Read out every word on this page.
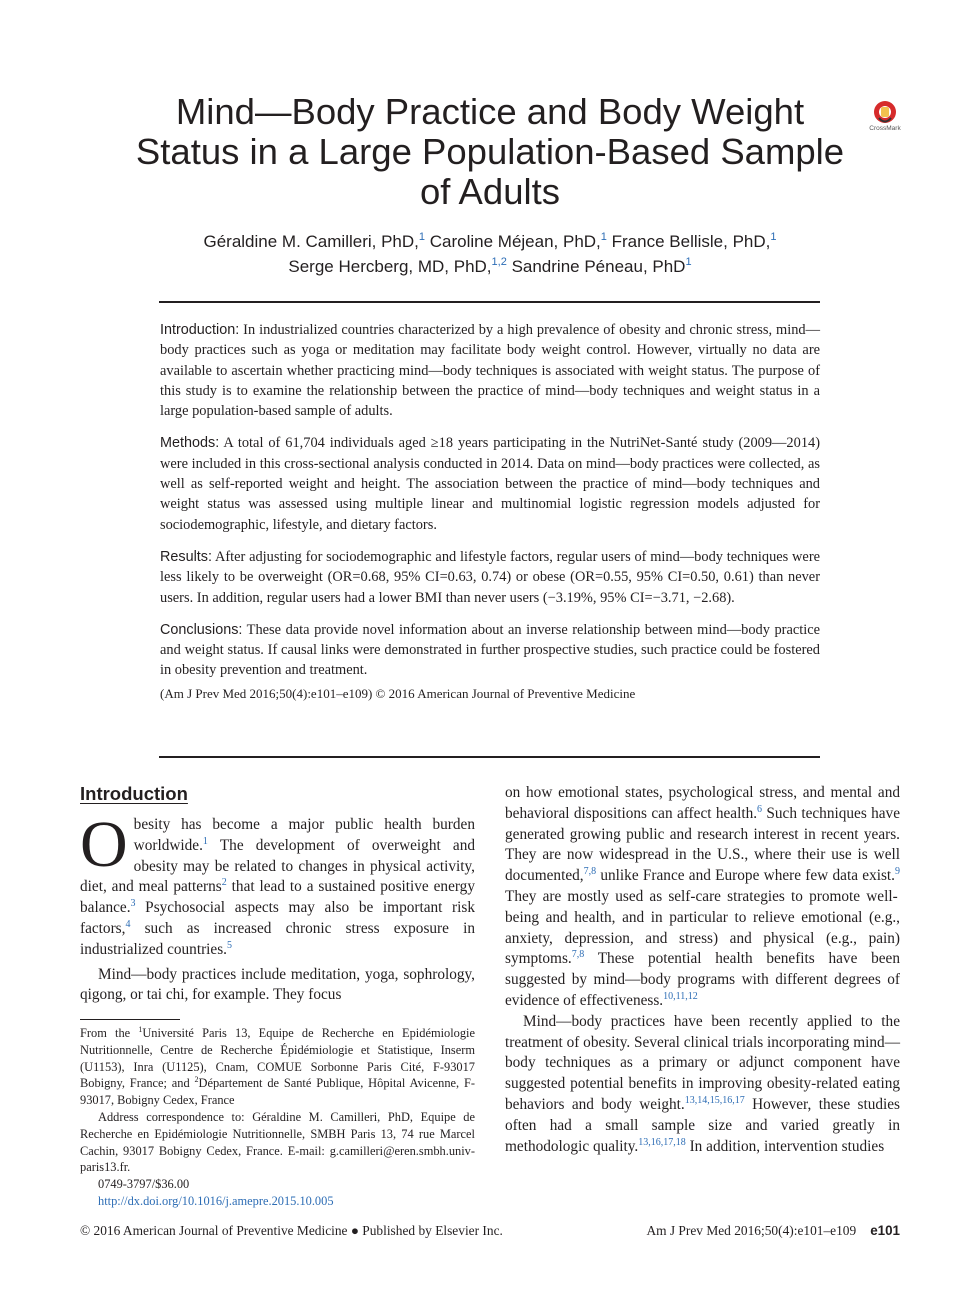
Mind—Body Practice and Body Weight Status in a Large Population-Based Sample of Adults
Géraldine M. Camilleri, PhD,$^1$ Caroline Méjean, PhD,$^1$ France Bellisle, PhD,$^1$
Serge Hercberg, MD, PhD,$^{1,2}$ Sandrine Péneau, PhD$^1$
CrossMark

Introduction: In industrialized countries characterized by a high prevalence of obesity and chronic stress, mind—body practices such as yoga or meditation may facilitate body weight control. However, virtually no data are available to ascertain whether practicing mind—body techniques is associated with weight status. The purpose of this study is to examine the relationship between the practice of mind—body techniques and weight status in a large population-based sample of adults.

Methods: A total of 61,704 individuals aged ≥18 years participating in the NutriNet-Santé study (2009—2014) were included in this cross-sectional analysis conducted in 2014. Data on mind—body practices were collected, as well as self-reported weight and height. The association between the practice of mind—body techniques and weight status was assessed using multiple linear and multinomial logistic regression models adjusted for sociodemographic, lifestyle, and dietary factors.

Results: After adjusting for sociodemographic and lifestyle factors, regular users of mind—body techniques were less likely to be overweight (OR=0.68, 95% CI=0.63, 0.74) or obese (OR=0.55, 95% CI=0.50, 0.61) than never users. In addition, regular users had a lower BMI than never users (−3.19%, 95% CI=−3.71, −2.68).

Conclusions: These data provide novel information about an inverse relationship between mind—body practice and weight status. If causal links were demonstrated in further prospective studies, such practice could be fostered in obesity prevention and treatment.

(Am J Prev Med 2016;50(4):e101–e109) © 2016 American Journal of Preventive Medicine

Introduction

Obesity has become a major public health burden worldwide.$^1$ The development of overweight and obesity may be related to changes in physical activity, diet, and meal patterns$^2$ that lead to a sustained positive energy balance.$^3$ Psychosocial aspects may also be important risk factors,$^4$ such as increased chronic stress exposure in industrialized countries.$^5$

Mind—body practices include meditation, yoga, sophrology, qigong, or tai chi, for example. They focus

From the $^1$Université Paris 13, Equipe de Recherche en Epidémiologie Nutritionnelle, Centre de Recherche Épidémiologie et Statistique, Inserm (U1153), Inra (U1125), Cnam, COMUE Sorbonne Paris Cité, F-93017 Bobigny, France; and $^2$Département de Santé Publique, Hôpital Avicenne, F-93017, Bobigny Cedex, France

Address correspondence to: Géraldine M. Camilleri, PhD, Equipe de Recherche en Epidémiologie Nutritionnelle, SMBH Paris 13, 74 rue Marcel Cachin, 93017 Bobigny Cedex, France. E-mail: g.camilleri@eren.smbh.univ-paris13.fr.

0749-3797/$36.00

http://dx.doi.org/10.1016/j.amepre.2015.10.005

on how emotional states, psychological stress, and mental and behavioral dispositions can affect health.$^6$ Such techniques have generated growing public and research interest in recent years. They are now widespread in the U.S., where their use is well documented,$^{7,8}$ unlike France and Europe where few data exist.$^9$ They are mostly used as self-care strategies to promote well-being and health, and in particular to relieve emotional (e.g., anxiety, depression, and stress) and physical (e.g., pain) symptoms.$^{7,8}$ These potential health benefits have been suggested by mind—body programs with different degrees of evidence of effectiveness.$^{10,11,12}$

Mind—body practices have been recently applied to the treatment of obesity. Several clinical trials incorporating mind—body techniques as a primary or adjunct component have suggested potential benefits in improving obesity-related eating behaviors and body weight.$^{13,14,15,16,17}$ However, these studies often had a small sample size and varied greatly in methodologic quality.$^{13,16,17,18}$ In addition, intervention studies

© 2016 American Journal of Preventive Medicine ● Published by Elsevier Inc.	Am J Prev Med 2016;50(4):e101–e109 e101
